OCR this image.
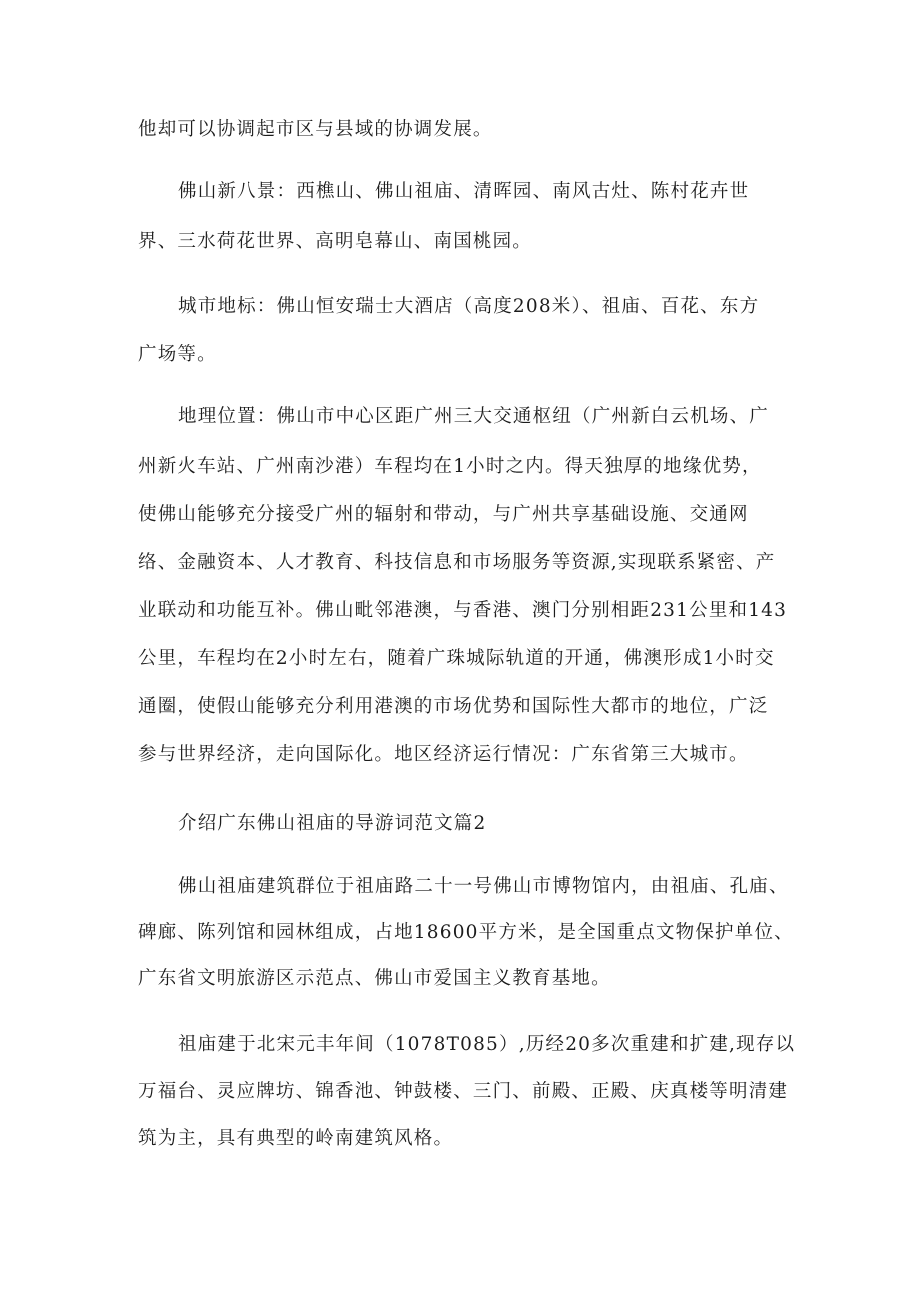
他却可以协调起市区与县域的协调发展。
佛山新八景：西樵山、佛山祖庙、清晖园、南风古灶、陈村花卉世
界、三水荷花世界、高明皂幕山、南国桃园。
城市地标：佛山恒安瑞士大酒店（高度208米）、祖庙、百花、东方
广场等。
地理位置：佛山市中心区距广州三大交通枢纽（广州新白云机场、广
州新火车站、广州南沙港）车程均在1小时之内。得天独厚的地缘优势，
使佛山能够充分接受广州的辐射和带动，与广州共享基础设施、交通网
络、金融资本、人才教育、科技信息和市场服务等资源,实现联系紧密、产
业联动和功能互补。佛山毗邻港澳，与香港、澳门分别相距231公里和143
公里，车程均在2小时左右，随着广珠城际轨道的开通，佛澳形成1小时交
通圈，使假山能够充分利用港澳的市场优势和国际性大都市的地位，广泛
参与世界经济，走向国际化。地区经济运行情况：广东省第三大城市。
介绍广东佛山祖庙的导游词范文篇2
佛山祖庙建筑群位于祖庙路二十一号佛山市博物馆内，由祖庙、孔庙、
碑廊、陈列馆和园林组成，占地18600平方米，是全国重点文物保护单位、
广东省文明旅游区示范点、佛山市爱国主义教育基地。
祖庙建于北宋元丰年间（1078T085）,历经20多次重建和扩建,现存以
万福台、灵应牌坊、锦香池、钟鼓楼、三门、前殿、正殿、庆真楼等明清建
筑为主，具有典型的岭南建筑风格。
